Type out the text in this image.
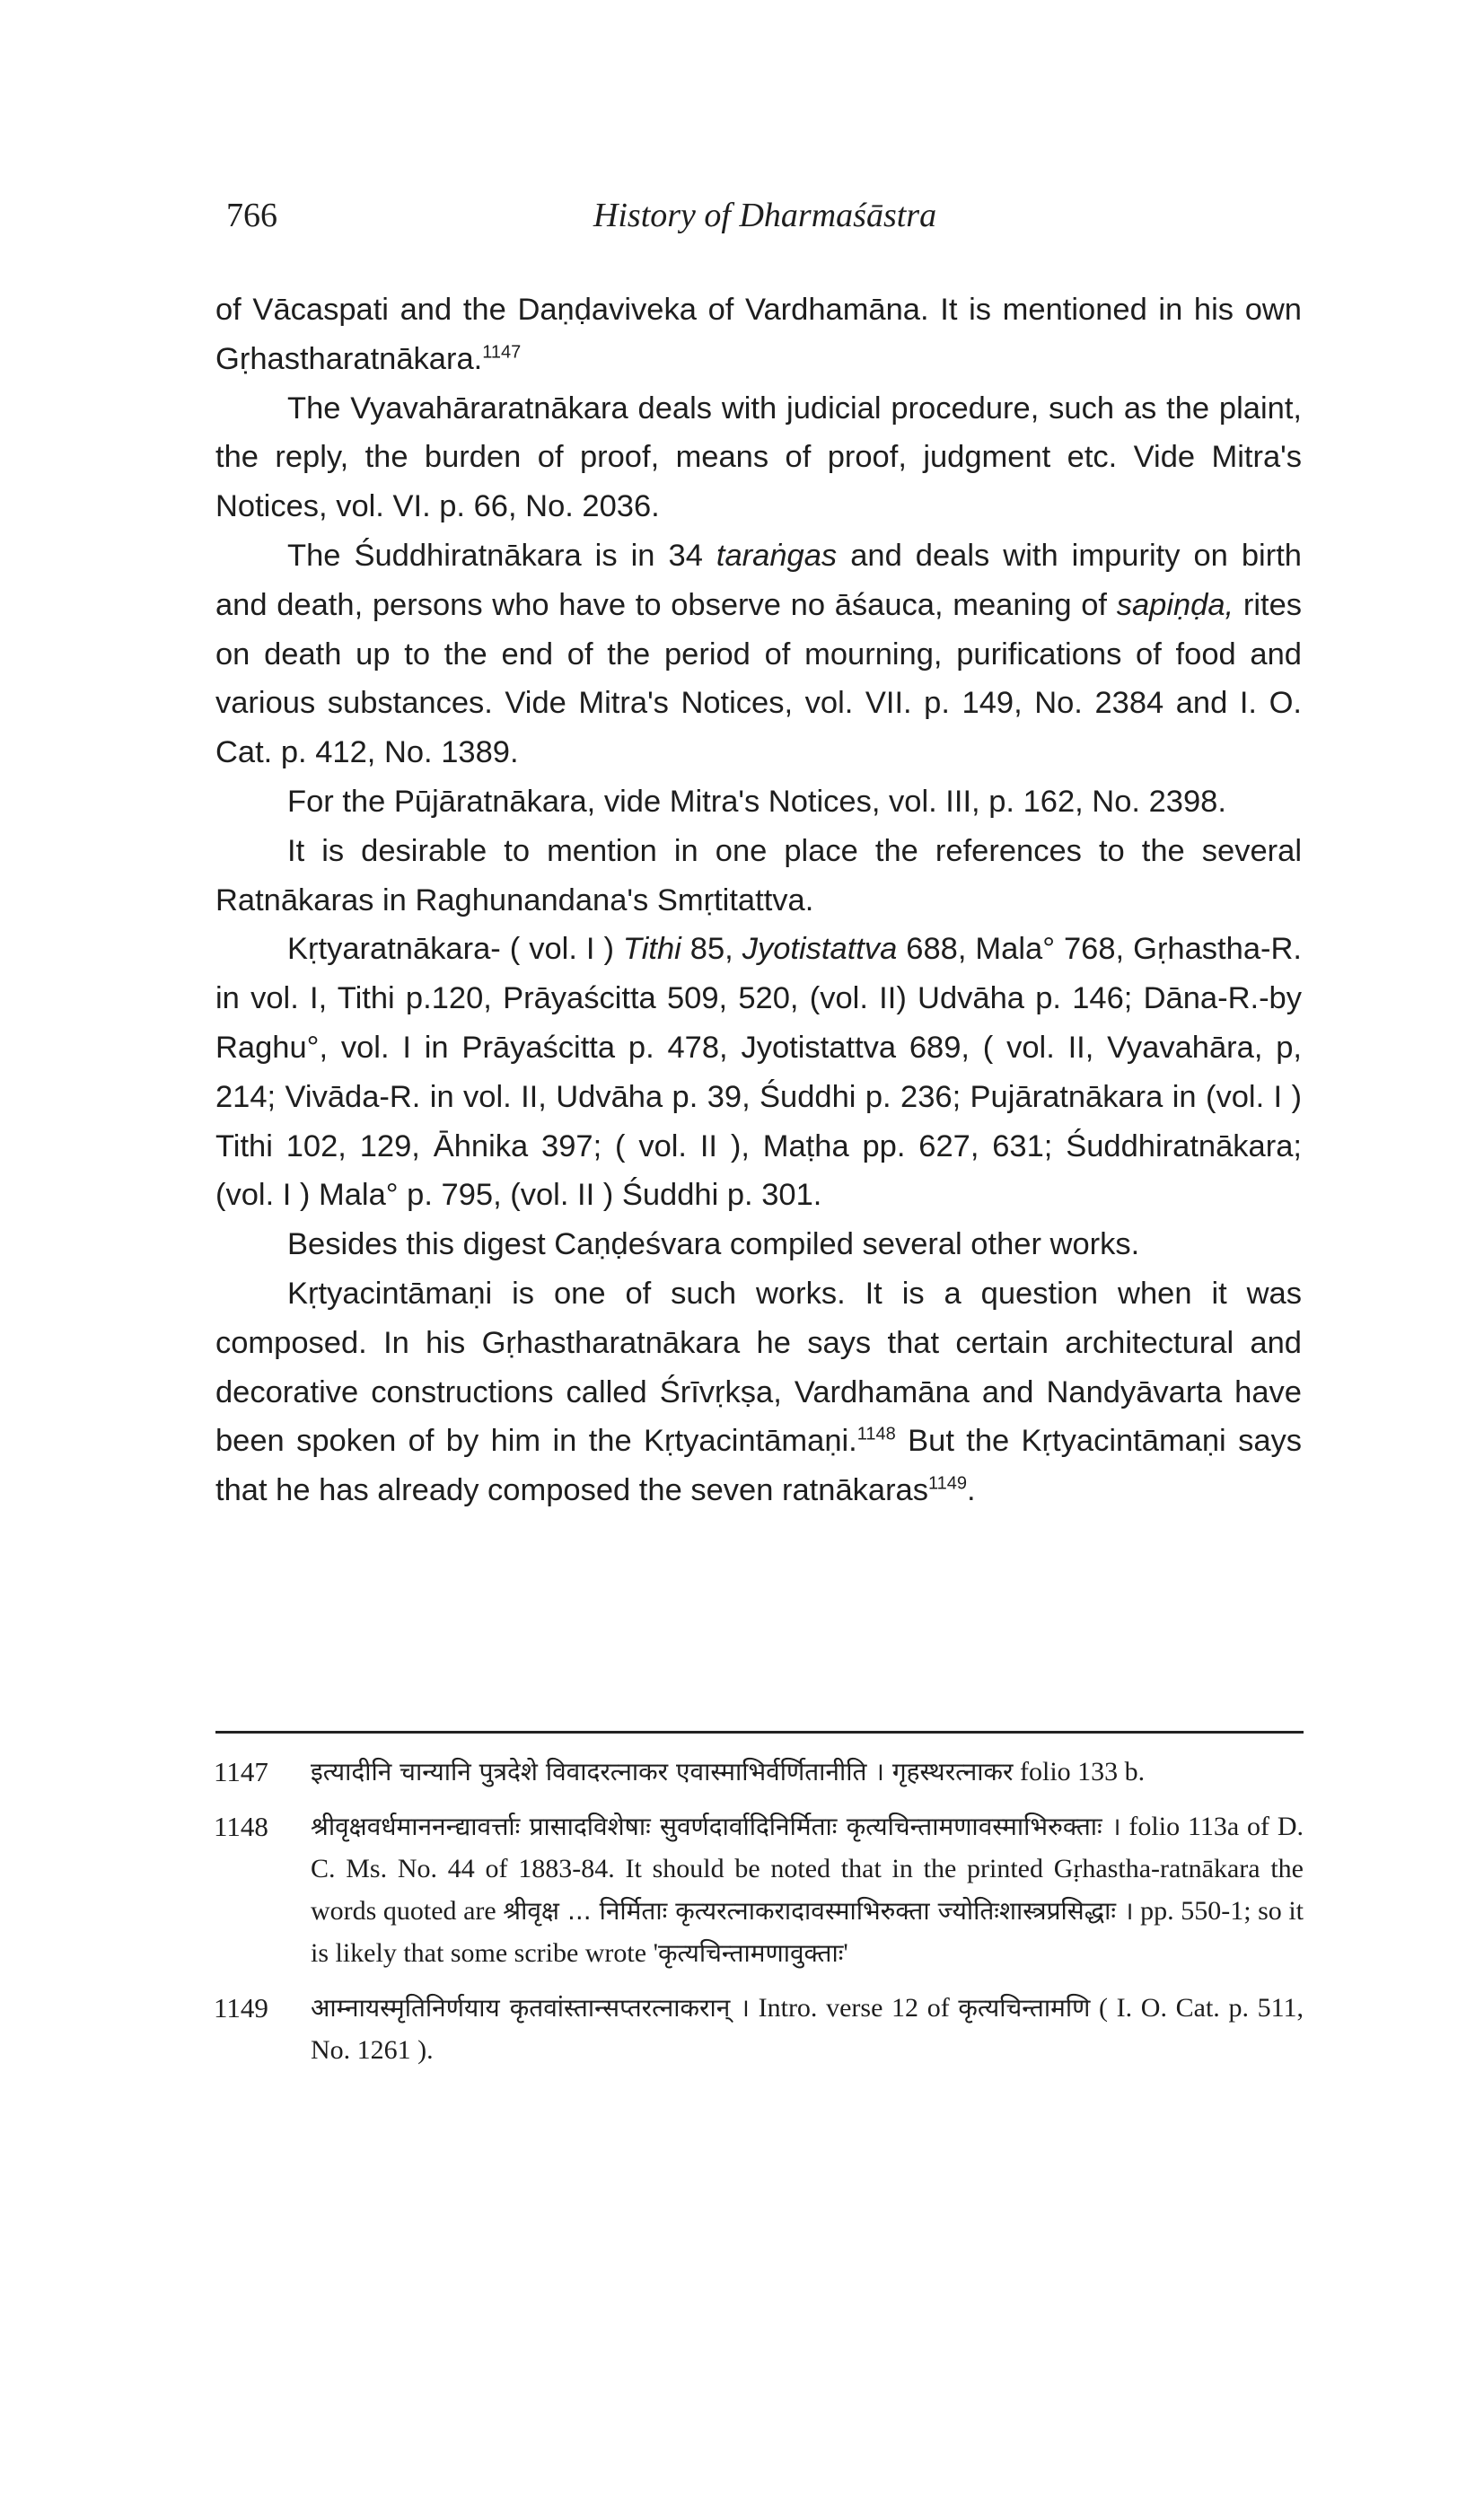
766	History of Dharmaśāstra

of Vācaspati and the Daṇḍaviveka of Vardhamāna. It is mentioned in his own Gṛhastharatnākara.$^{1147}$

The Vyavahāraratnākara deals with judicial procedure, such as the plaint, the reply, the burden of proof, means of proof, judgment etc. Vide Mitra's Notices, vol. VI. p. 66, No. 2036.

The Śuddhiratnākara is in 34 taraṅgas and deals with impurity on birth and death, persons who have to observe no āśauca, meaning of sapiṇḍa, rites on death up to the end of the period of mourning, purifications of food and various substances. Vide Mitra's Notices, vol. VII. p. 149, No. 2384 and I. O. Cat. p. 412, No. 1389.

For the Pūjāratnākara, vide Mitra's Notices, vol. III, p. 162, No. 2398.

It is desirable to mention in one place the references to the several Ratnākaras in Raghunandana's Smṛtitattva.

Kṛtyaratnākara- ( vol. I ) Tithi 85, Jyotistattva 688, Mala° 768, Gṛhastha-R. in vol. I, Tithi p.120, Prāyaścitta 509, 520, (vol. II) Udvāha p. 146; Dāna-R.-by Raghu°, vol. I in Prāyaścitta p. 478, Jyotistattva 689, ( vol. II, Vyavahāra, p, 214; Vivāda-R. in vol. II, Udvāha p. 39, Śuddhi p. 236; Pujāratnākara in (vol. I ) Tithi 102, 129, Āhnika 397; ( vol. II ), Maṭha pp. 627, 631; Śuddhiratnākara; (vol. I ) Mala° p. 795, (vol. II ) Śuddhi p. 301.

Besides this digest Caṇḍeśvara compiled several other works.

Kṛtyacintāmaṇi is one of such works. It is a question when it was composed. In his Gṛhastharatnākara he says that certain architectural and decorative constructions called Śrīvṛkṣa, Vardhamāna and Nandyāvarta have been spoken of by him in the Kṛtyacintāmaṇi.$^{1148}$ But the Kṛtyacintāmaṇi says that he has already composed the seven ratnākaras$^{1149}$.

1147 इत्यादीनि चान्यानि पुत्रदेशे विवादरत्नाकर एवास्माभिर्वर्णितानीति । गृहस्थरत्नाकर folio 133 b.
1148 श्रीवृक्षवर्धमाननन्द्यावर्त्ताः प्रासादविशेषाः सुवर्णदार्वादिनिर्मिताः कृत्यचिन्तामणावस्माभिरुक्ताः । folio 113a of D. C. Ms. No. 44 of 1883-84. It should be noted that in the printed Gṛhastha-ratnākara the words quoted are श्रीवृक्ष ... निर्मिताः कृत्यरत्नाकरादावस्माभिरुक्ता ज्योतिःशास्त्रप्रसिद्धाः । pp. 550-1; so it is likely that some scribe wrote 'कृत्यचिन्तामणावुक्ताः'
1149 आम्नायस्मृतिनिर्णयाय कृतवांस्तान्सप्तरत्नाकरान् । Intro. verse 12 of कृत्यचिन्तामणि ( I. O. Cat. p. 511, No. 1261 ).
